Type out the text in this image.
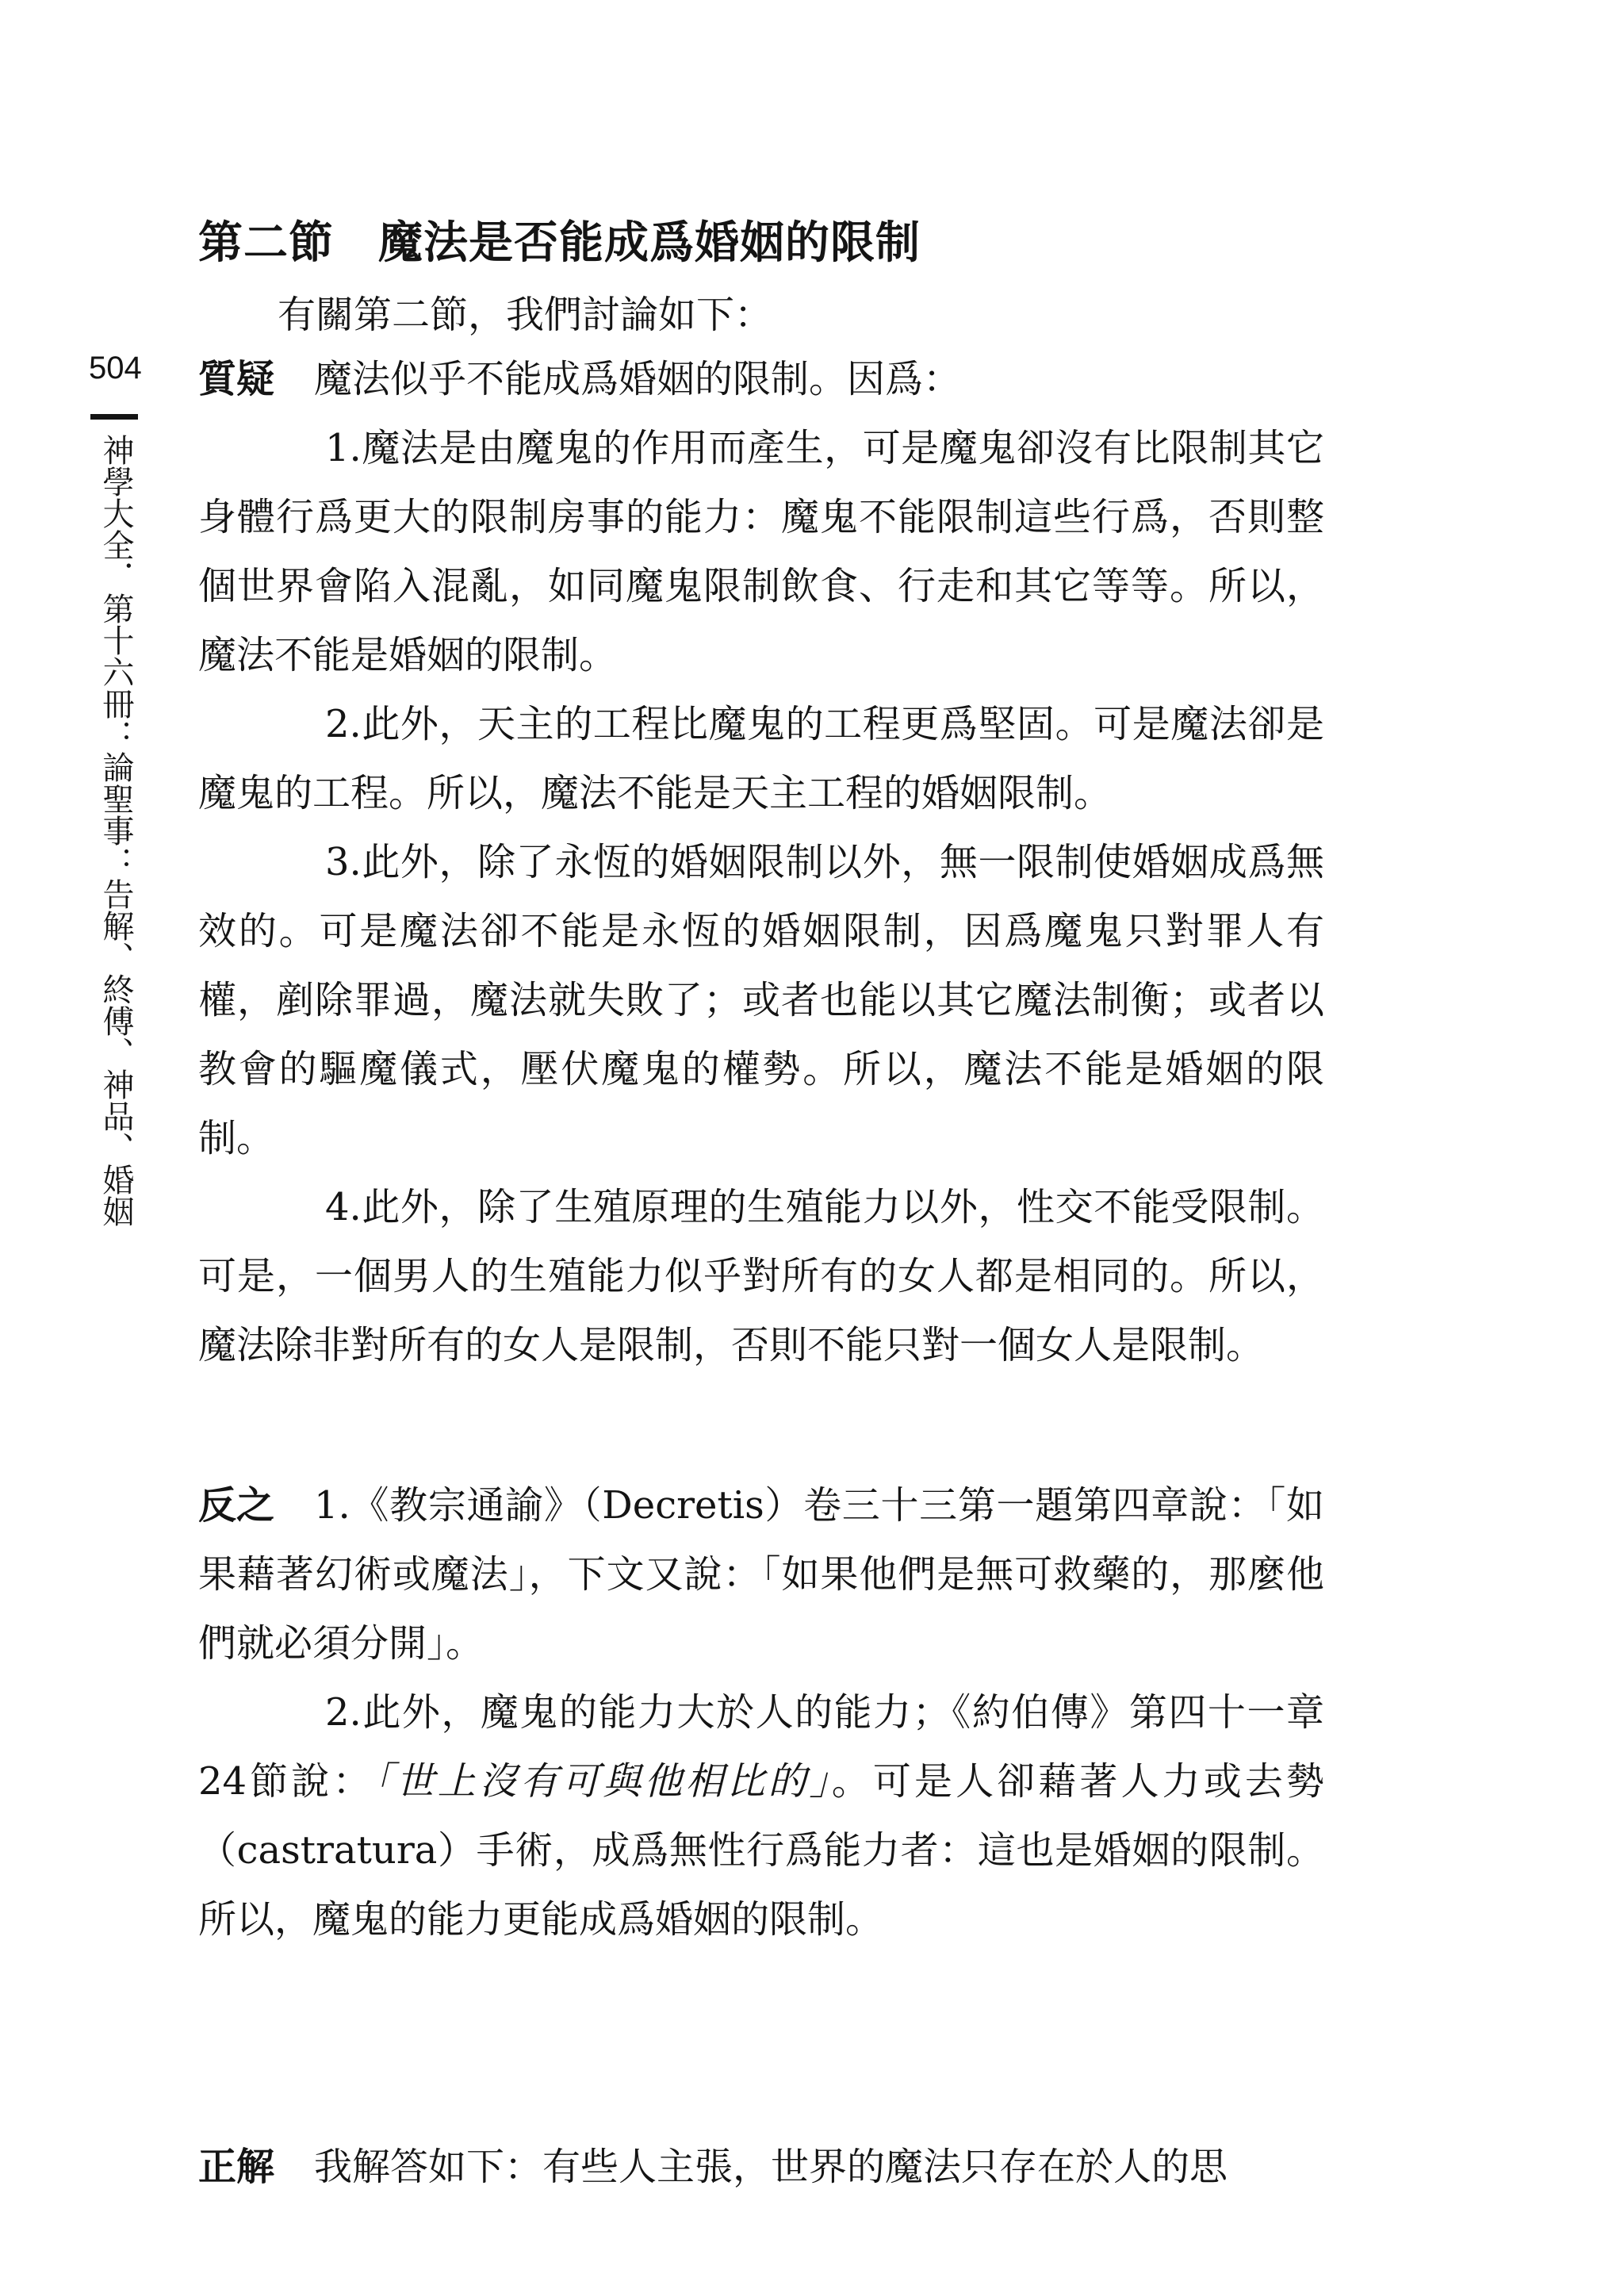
第二節 魔法是否能成爲婚姻的限制
有關第二節，我們討論如下：
504
神學大全．第十六冊：論聖事：告解、終傅、神品、婚姻

質疑 魔法似乎不能成爲婚姻的限制。因爲：

1.魔法是由魔鬼的作用而產生，可是魔鬼卻沒有比限制其它身體行爲更大的限制房事的能力：魔鬼不能限制這些行爲，否則整個世界會陷入混亂，如同魔鬼限制飲食、行走和其它等等。所以，魔法不能是婚姻的限制。

2.此外，天主的工程比魔鬼的工程更爲堅固。可是魔法卻是魔鬼的工程。所以，魔法不能是天主工程的婚姻限制。

3.此外，除了永恆的婚姻限制以外，無一限制使婚姻成爲無效的。可是魔法卻不能是永恆的婚姻限制，因爲魔鬼只對罪人有權，剷除罪過，魔法就失敗了；或者也能以其它魔法制衡；或者以教會的驅魔儀式，壓伏魔鬼的權勢。所以，魔法不能是婚姻的限制。

4.此外，除了生殖原理的生殖能力以外，性交不能受限制。可是，一個男人的生殖能力似乎對所有的女人都是相同的。所以，魔法除非對所有的女人是限制，否則不能只對一個女人是限制。

反之 1.《教宗通諭》（Decretis）卷三十三第一題第四章說：「如果藉著幻術或魔法」，下文又說：「如果他們是無可救藥的，那麼他們就必須分開」。

2.此外，魔鬼的能力大於人的能力；《約伯傳》第四十一章24節說：「世上沒有可與他相比的」。可是人卻藉著人力或去勢（castratura）手術，成爲無性行爲能力者：這也是婚姻的限制。所以，魔鬼的能力更能成爲婚姻的限制。

正解 我解答如下：有些人主張，世界的魔法只存在於人的思
